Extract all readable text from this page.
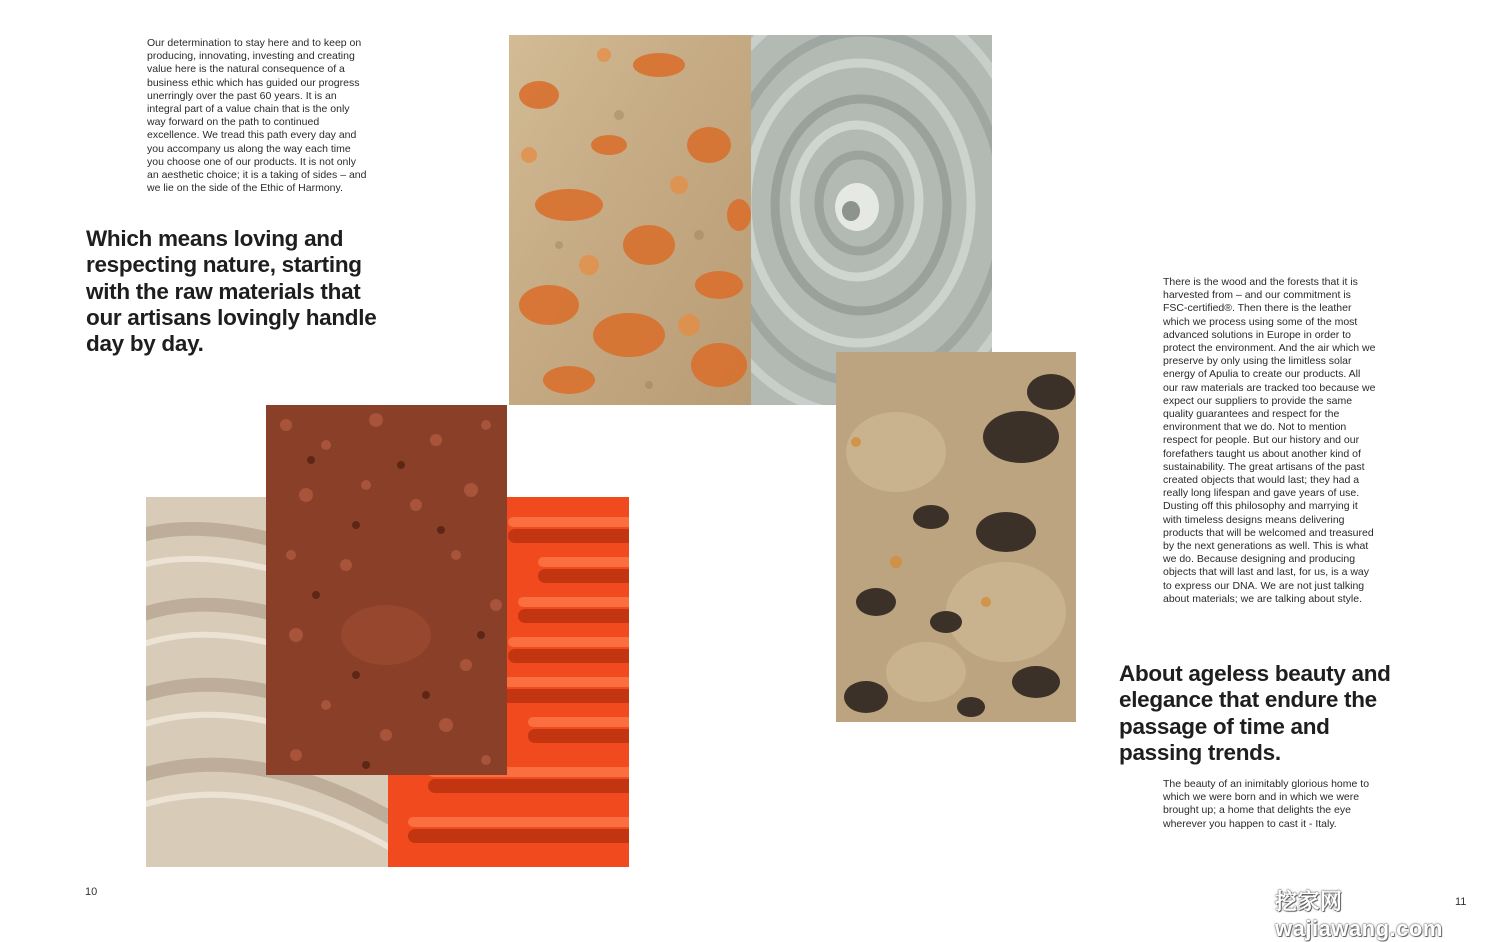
Our determination to stay here and to keep on producing, innovating, investing and creating value here is the natural consequence of a business ethic which has guided our progress unerringly over the past 60 years. It is an integral part of a value chain that is the only way forward on the path to continued excellence. We tread this path every day and you accompany us along the way each time you choose one of our products. It is not only an aesthetic choice; it is a taking of sides – and we lie on the side of the Ethic of Harmony.

Which means loving and respecting nature, starting with the raw materials that our artisans lovingly handle day by day.

10

There is the wood and the forests that it is harvested from – and our commitment is FSC-certified®. Then there is the leather which we process using some of the most advanced solutions in Europe in order to protect the environment. And the air which we preserve by only using the limitless solar energy of Apulia to create our products. All our raw materials are tracked too because we expect our suppliers to provide the same quality guarantees and respect for the environment that we do. Not to mention respect for people. But our history and our forefathers taught us about another kind of sustainability. The great artisans of the past created objects that would last; they had a really long lifespan and gave years of use. Dusting off this philosophy and marrying it with timeless designs means delivering products that will be welcomed and treasured by the next generations as well. This is what we do. Because designing and producing objects that will last and last, for us, is a way to express our DNA. We are not just talking about materials; we are talking about style.

About ageless beauty and elegance that endure the passage of time and passing trends.

The beauty of an inimitably glorious home to which we were born and in which we were brought up; a home that delights the eye wherever you happen to cast it - Italy.

11

挖家网 wajiawang.com
